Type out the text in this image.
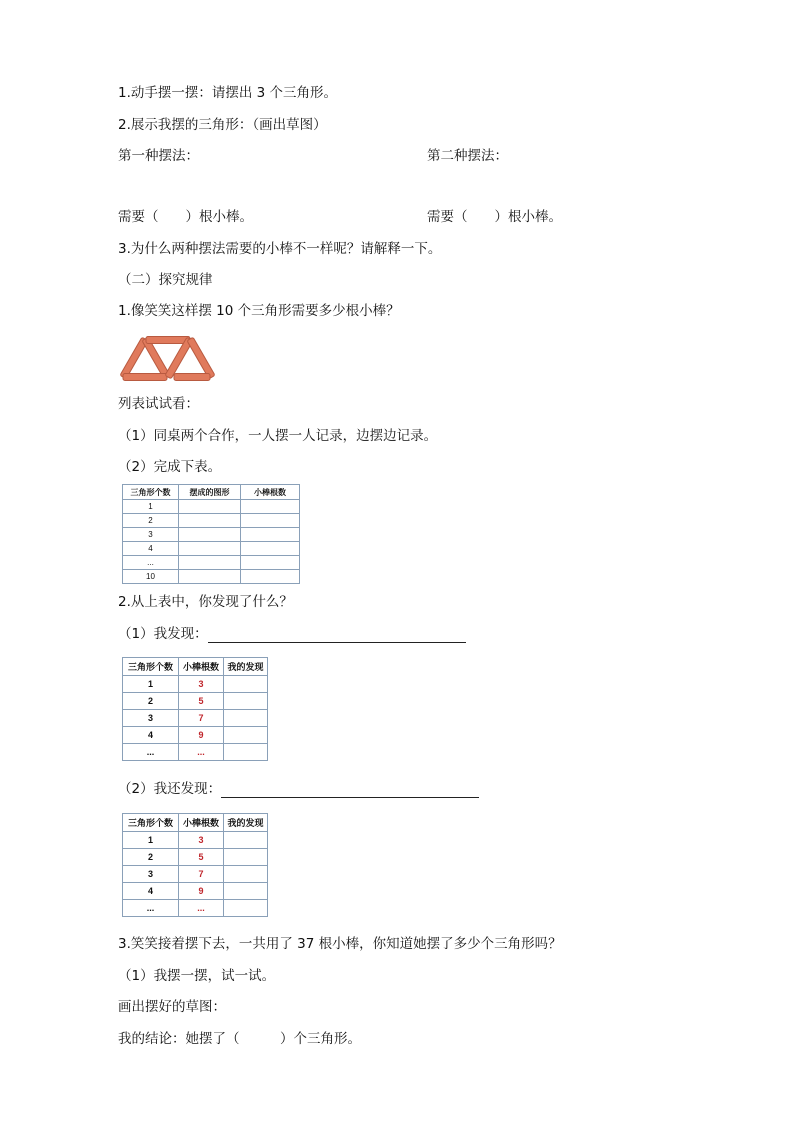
1.动手摆一摆：请摆出 3 个三角形。
2.展示我摆的三角形：（画出草图）
第一种摆法：	第二种摆法：
需要（　　）根小棒。	需要（　　）根小棒。
3.为什么两种摆法需要的小棒不一样呢？请解释一下。
（二）探究规律
1.像笑笑这样摆 10 个三角形需要多少根小棒？
列表试试看：
（1）同桌两个合作，一人摆一人记录，边摆边记录。
（2）完成下表。
三角形个数	摆成的图形	小棒根数
1		
2		
3		
4		
...		
10		
2.从上表中，你发现了什么？
（1）我发现：
三角形个数	小棒根数	我的发现
1	3	
2	5	
3	7	
4	9	
...	...	
（2）我还发现：
三角形个数	小棒根数	我的发现
1	3	
2	5	
3	7	
4	9	
...	...	
3.笑笑接着摆下去，一共用了 37 根小棒，你知道她摆了多少个三角形吗？
（1）我摆一摆，试一试。
画出摆好的草图：
我的结论：她摆了（　　　）个三角形。
